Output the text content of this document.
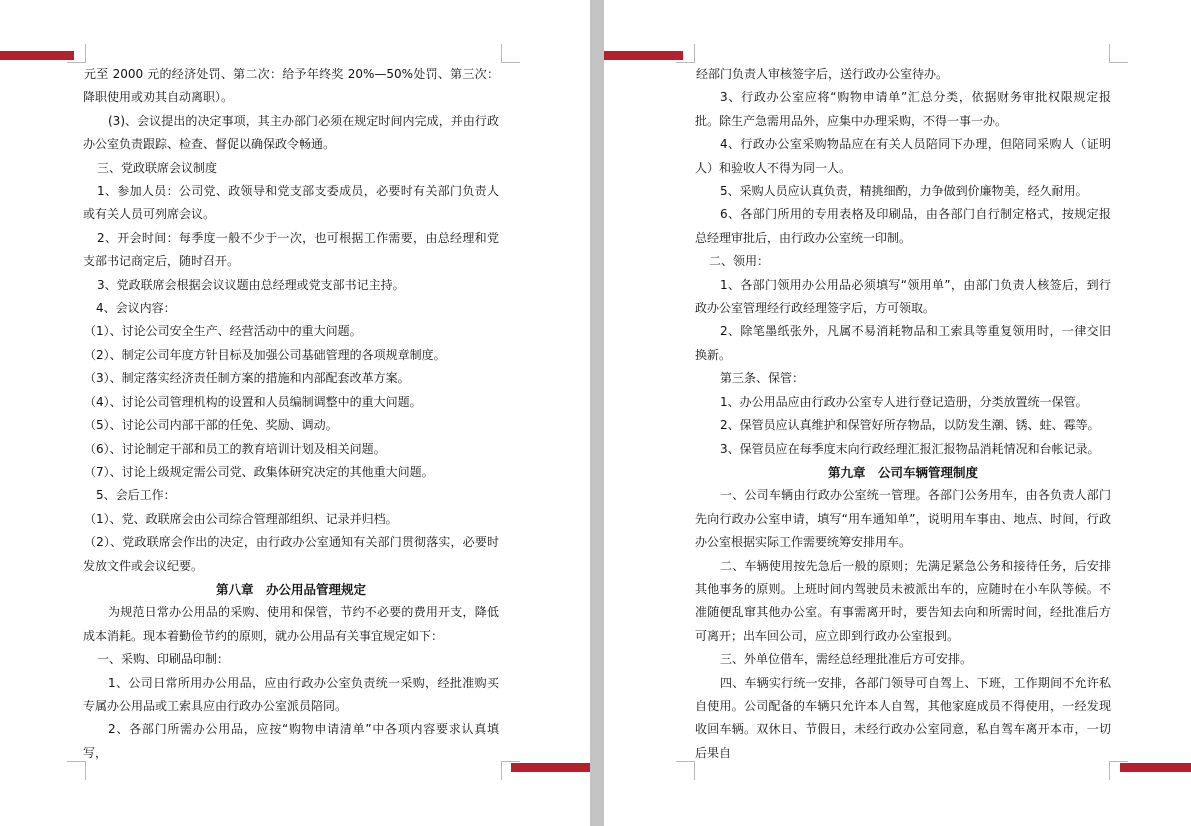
元至 2000 元的经济处罚、第二次：给予年终奖 20%—50%处罚、第三次：降职使用或劝其自动离职）。

(3)、会议提出的决定事项，其主办部门必须在规定时间内完成，并由行政办公室负责跟踪、检查、督促以确保政令畅通。

三、党政联席会议制度

1、参加人员：公司党、政领导和党支部支委成员，必要时有关部门负责人或有关人员可列席会议。

2、开会时间：每季度一般不少于一次，也可根据工作需要，由总经理和党支部书记商定后，随时召开。

3、党政联席会根据会议议题由总经理或党支部书记主持。

4、会议内容：

（1）、讨论公司安全生产、经营活动中的重大问题。

（2）、制定公司年度方针目标及加强公司基础管理的各项规章制度。

（3）、制定落实经济责任制方案的措施和内部配套改革方案。

（4）、讨论公司管理机构的设置和人员编制调整中的重大问题。

（5）、讨论公司内部干部的任免、奖励、调动。

（6）、讨论制定干部和员工的教育培训计划及相关问题。

（7）、讨论上级规定需公司党、政集体研究决定的其他重大问题。

5、会后工作：

（1）、党、政联席会由公司综合管理部组织、记录并归档。

（2）、党政联席会作出的决定，由行政办公室通知有关部门贯彻落实，必要时发放文件或会议纪要。

第八章　办公用品管理规定

为规范日常办公用品的采购、使用和保管，节约不必要的费用开支，降低成本消耗。现本着勤俭节约的原则，就办公用品有关事宜规定如下：

一、采购、印刷品印制：

1、公司日常所用办公用品，应由行政办公室负责统一采购，经批准购买专属办公用品或工索具应由行政办公室派员陪同。

2、各部门所需办公用品，应按“购物申请清单”中各项内容要求认真填写，

经部门负责人审核签字后，送行政办公室待办。

3、行政办公室应将“购物申请单”汇总分类，依据财务审批权限规定报批。除生产急需用品外，应集中办理采购，不得一事一办。

4、行政办公室采购物品应在有关人员陪同下办理，但陪同采购人（证明人）和验收人不得为同一人。

5、采购人员应认真负责，精挑细酌，力争做到价廉物美，经久耐用。

6、各部门所用的专用表格及印刷品，由各部门自行制定格式，按规定报总经理审批后，由行政办公室统一印制。

二、领用：

1、各部门领用办公用品必须填写“领用单”，由部门负责人核签后，到行政办公室管理经行政经理签字后，方可领取。

2、除笔墨纸张外，凡属不易消耗物品和工索具等重复领用时，一律交旧换新。

第三条、保管：

1、办公用品应由行政办公室专人进行登记造册，分类放置统一保管。

2、保管员应认真维护和保管好所存物品，以防发生潮、锈、蛀、霉等。

3、保管员应在每季度末向行政经理汇报汇报物品消耗情况和台帐记录。

第九章　公司车辆管理制度

一、公司车辆由行政办公室统一管理。各部门公务用车，由各负责人部门先向行政办公室申请，填写“用车通知单”，说明用车事由、地点、时间，行政办公室根据实际工作需要统筹安排用车。

二、车辆使用按先急后一般的原则；先满足紧急公务和接待任务，后安排其他事务的原则。上班时间内驾驶员未被派出车的，应随时在小车队等候。不准随便乱窜其他办公室。有事需离开时，要告知去向和所需时间，经批准后方可离开；出车回公司，应立即到行政办公室报到。

三、外单位借车，需经总经理批准后方可安排。

四、车辆实行统一安排，各部门领导可自驾上、下班，工作期间不允许私自使用。公司配备的车辆只允许本人自驾，其他家庭成员不得使用，一经发现收回车辆。双休日、节假日，未经行政办公室同意，私自驾车离开本市，一切后果自
